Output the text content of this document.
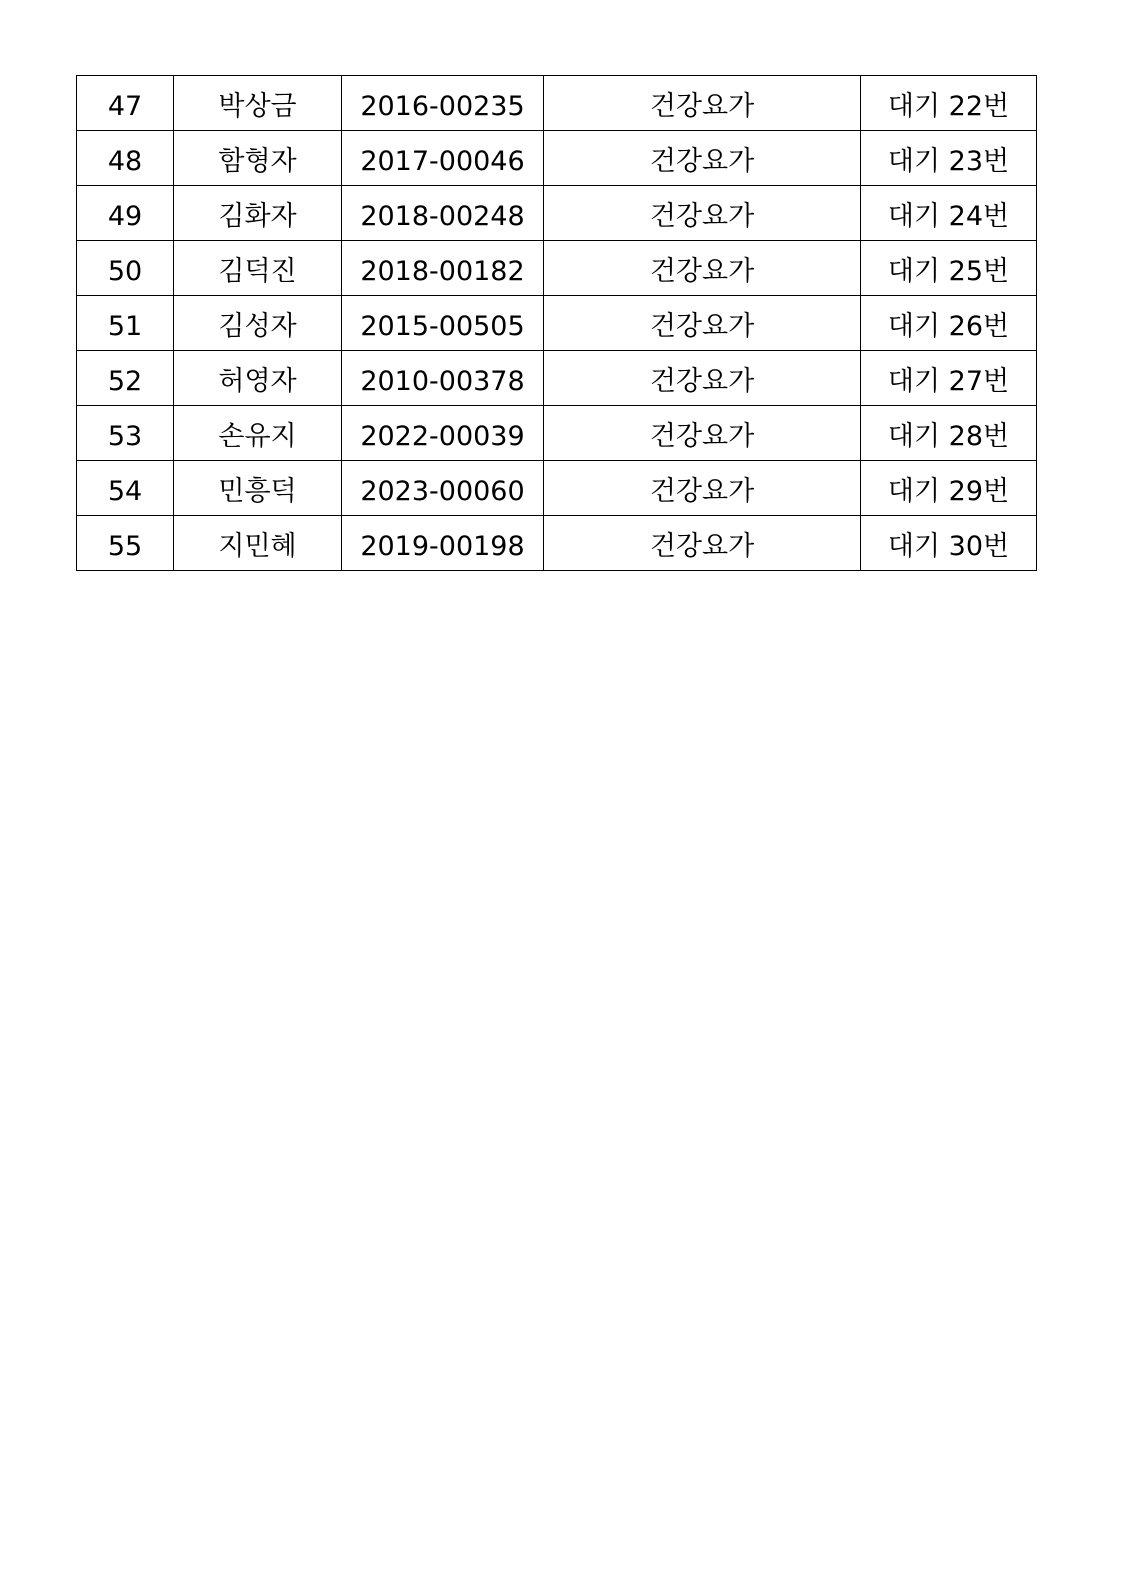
47	박상금	2016-00235	건강요가	대기 22번
48	함형자	2017-00046	건강요가	대기 23번
49	김화자	2018-00248	건강요가	대기 24번
50	김덕진	2018-00182	건강요가	대기 25번
51	김성자	2015-00505	건강요가	대기 26번
52	허영자	2010-00378	건강요가	대기 27번
53	손유지	2022-00039	건강요가	대기 28번
54	민흥덕	2023-00060	건강요가	대기 29번
55	지민혜	2019-00198	건강요가	대기 30번
